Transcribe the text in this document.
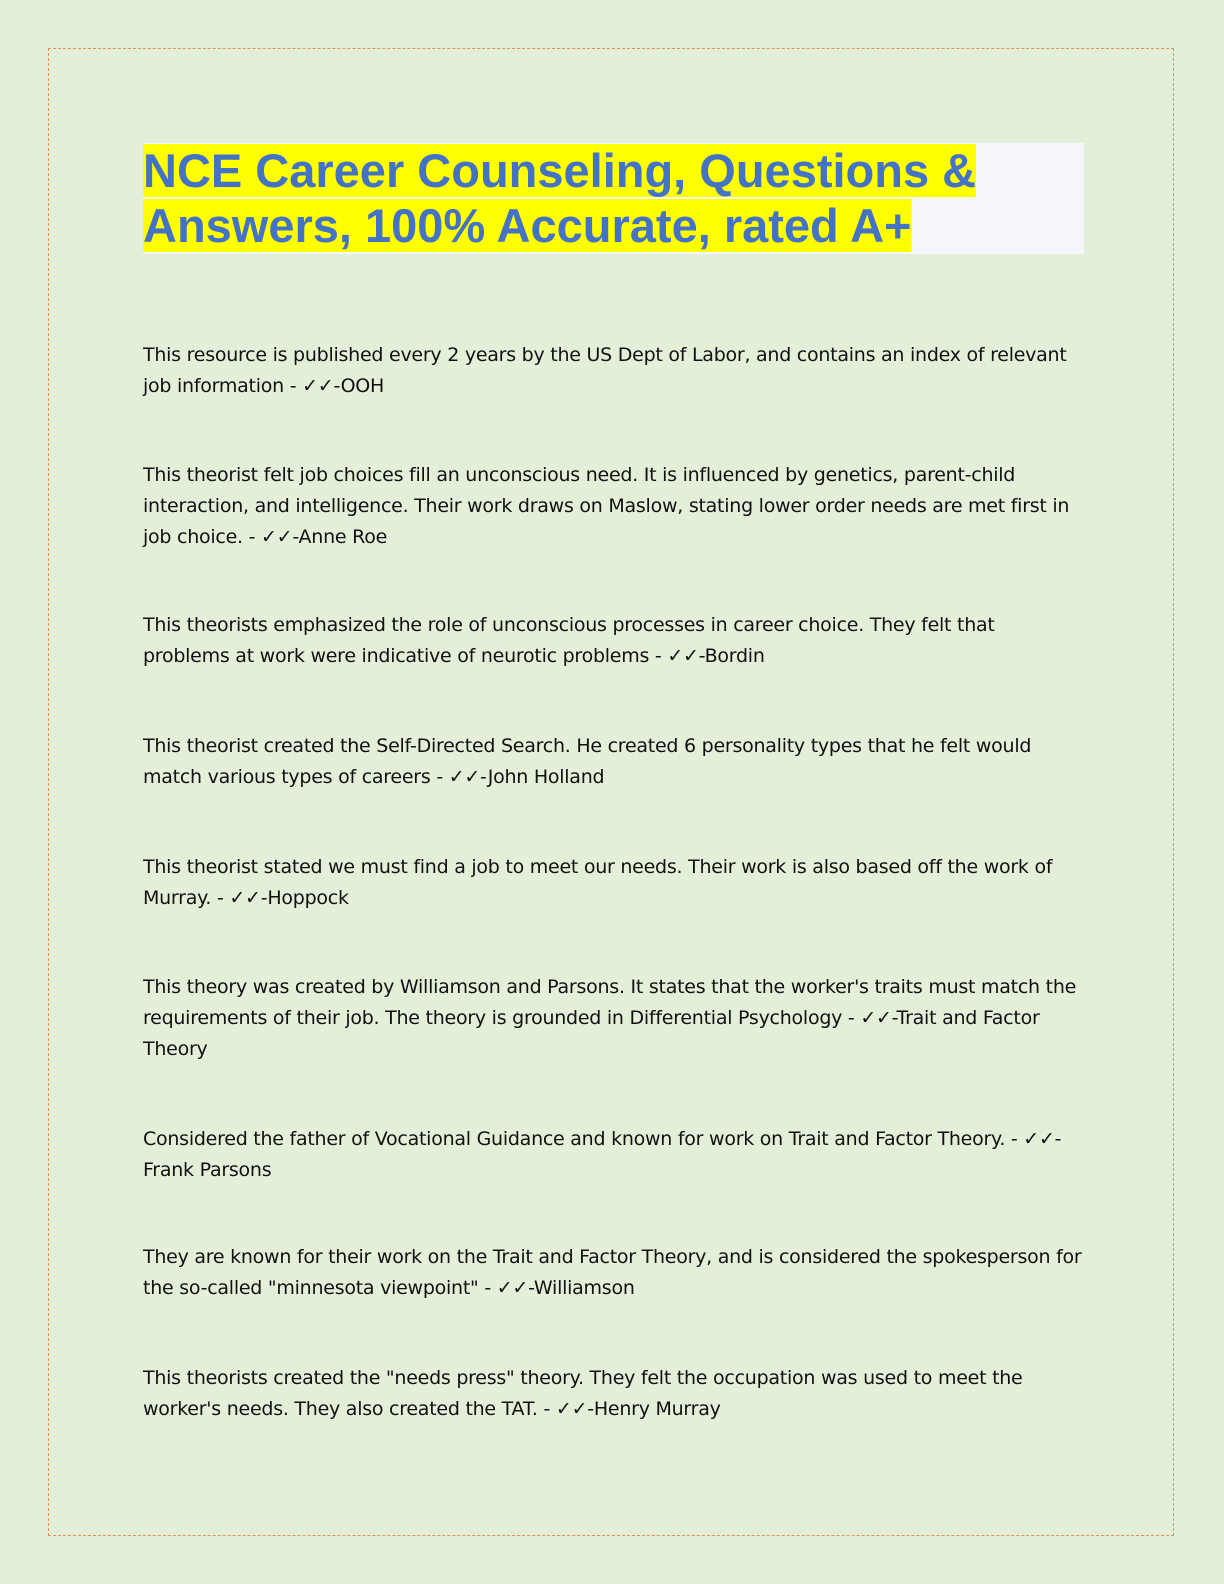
NCE Career Counseling, Questions & Answers, 100% Accurate, rated A+

This resource is published every 2 years by the US Dept of Labor, and contains an index of relevant job information - ✓✓-OOH

This theorist felt job choices fill an unconscious need. It is influenced by genetics, parent-child interaction, and intelligence. Their work draws on Maslow, stating lower order needs are met first in job choice. - ✓✓-Anne Roe

This theorists emphasized the role of unconscious processes in career choice. They felt that problems at work were indicative of neurotic problems - ✓✓-Bordin

This theorist created the Self-Directed Search. He created 6 personality types that he felt would match various types of careers - ✓✓-John Holland

This theorist stated we must find a job to meet our needs. Their work is also based off the work of Murray. - ✓✓-Hoppock

This theory was created by Williamson and Parsons. It states that the worker's traits must match the requirements of their job. The theory is grounded in Differential Psychology - ✓✓-Trait and Factor Theory

Considered the father of Vocational Guidance and known for work on Trait and Factor Theory. - ✓✓-Frank Parsons

They are known for their work on the Trait and Factor Theory, and is considered the spokesperson for the so-called "minnesota viewpoint" - ✓✓-Williamson

This theorists created the "needs press" theory. They felt the occupation was used to meet the worker's needs. They also created the TAT. - ✓✓-Henry Murray
